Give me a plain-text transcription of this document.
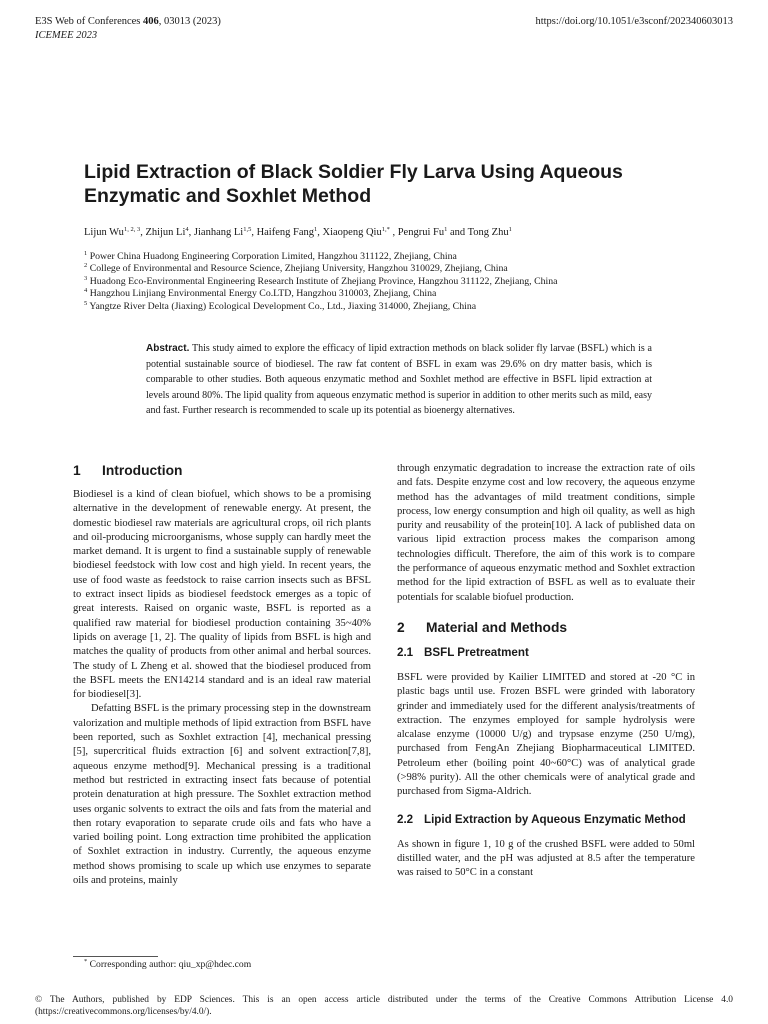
E3S Web of Conferences 406, 03013 (2023)
ICEMEE 2023
https://doi.org/10.1051/e3sconf/202340603013
Lipid Extraction of Black Soldier Fly Larva Using Aqueous Enzymatic and Soxhlet Method
Lijun Wu$^{1, 2, 3}$, Zhijun Li$^4$, Jianhang Li$^{1,5}$, Haifeng Fang$^1$, Xiaopeng Qiu$^{1,*}$ , Pengrui Fu$^1$ and Tong Zhu$^1$
$^1$ Power China Huadong Engineering Corporation Limited, Hangzhou 311122, Zhejiang, China
$^2$ College of Environmental and Resource Science, Zhejiang University, Hangzhou 310029, Zhejiang, China
$^3$ Huadong Eco-Environmental Engineering Research Institute of Zhejiang Province, Hangzhou 311122, Zhejiang, China
$^4$ Hangzhou Linjiang Environmental Energy Co.LTD, Hangzhou 310003, Zhejiang, China
$^5$ Yangtze River Delta (Jiaxing) Ecological Development Co., Ltd., Jiaxing 314000, Zhejiang, China

Abstract. This study aimed to explore the efficacy of lipid extraction methods on black solider fly larvae (BSFL) which is a potential sustainable source of biodiesel. The raw fat content of BSFL in exam was 29.6% on dry matter basis, which is comparable to other studies. Both aqueous enzymatic method and Soxhlet method are effective in BSFL lipid extraction at levels around 80%. The lipid quality from aqueous enzymatic method is superior in addition to other merits such as mild, easy and fast. Further research is recommended to scale up its potential as bioenergy alternatives.

1	Introduction

Biodiesel is a kind of clean biofuel, which shows to be a promising alternative in the development of renewable energy. At present, the domestic biodiesel raw materials are agricultural crops, oil rich plants and oil-producing microorganisms, whose supply can hardly meet the market demand. It is urgent to find a sustainable supply of renewable biodiesel feedstock with low cost and high yield. In recent years, the use of food waste as feedstock to raise carrion insects such as BFSL to extract insect lipids as biodiesel feedstock emerges as a topic of great interests. Raised on organic waste, BSFL is reported as a qualified raw material for biodiesel production containing 35~40% lipids on average [1, 2]. The quality of lipids from BSFL is high and matches the quality of products from other animal and herbal sources. The study of L Zheng et al. showed that the biodiesel produced from the BSFL meets the EN14214 standard and is an ideal raw material for biodiesel[3].

Defatting BSFL is the primary processing step in the downstream valorization and multiple methods of lipid extraction from BSFL have been reported, such as Soxhlet extraction [4], mechanical pressing [5], supercritical fluids extraction [6] and solvent extraction[7,8], aqueous enzyme method[9]. Mechanical pressing is a traditional method but restricted in extracting insect fats because of potential protein denaturation at high pressure. The Soxhlet extraction method uses organic solvents to extract the oils and fats from the material and then rotary evaporation to separate crude oils and fats who have a varied boiling point. Long extraction time prohibited the application of Soxhlet extraction in industry. Currently, the aqueous enzyme method shows promising to scale up which use enzymes to separate oils and proteins, mainly

through enzymatic degradation to increase the extraction rate of oils and fats. Despite enzyme cost and low recovery, the aqueous enzyme method has the advantages of mild treatment conditions, simple process, low energy consumption and high oil quality, as well as high purity and reusability of the protein[10]. A lack of published data on various lipid extraction process makes the comparison among technologies difficult. Therefore, the aim of this work is to compare the performance of aqueous enzymatic method and Soxhlet extraction method for the lipid extraction of BSFL as well as to evaluate their potentials for scalable biofuel production.

2	Material and Methods
2.1 BSFL Pretreatment

BSFL were provided by Kailier LIMITED and stored at -20 °C in plastic bags until use. Frozen BSFL were grinded with laboratory grinder and immediately used for the different analysis/treatments of extraction. The enzymes employed for sample hydrolysis were alcalase enzyme (10000 U/g) and trypsase enzyme (250 U/mg), purchased from FengAn Zhejiang Biopharmaceutical LIMITED. Petroleum ether (boiling point 40~60°C) was of analytical grade (>98% purity). All the other chemicals were of analytical grade and purchased from Sigma-Aldrich.

2.2 Lipid Extraction by Aqueous Enzymatic Method

As shown in figure 1, 10 g of the crushed BSFL were added to 50ml distilled water, and the pH was adjusted at 8.5 after the temperature was raised to 50°C in a constant

* Corresponding author: qiu_xp@hdec.com
© The Authors, published by EDP Sciences. This is an open access article distributed under the terms of the Creative Commons Attribution License 4.0 (https://creativecommons.org/licenses/by/4.0/).
